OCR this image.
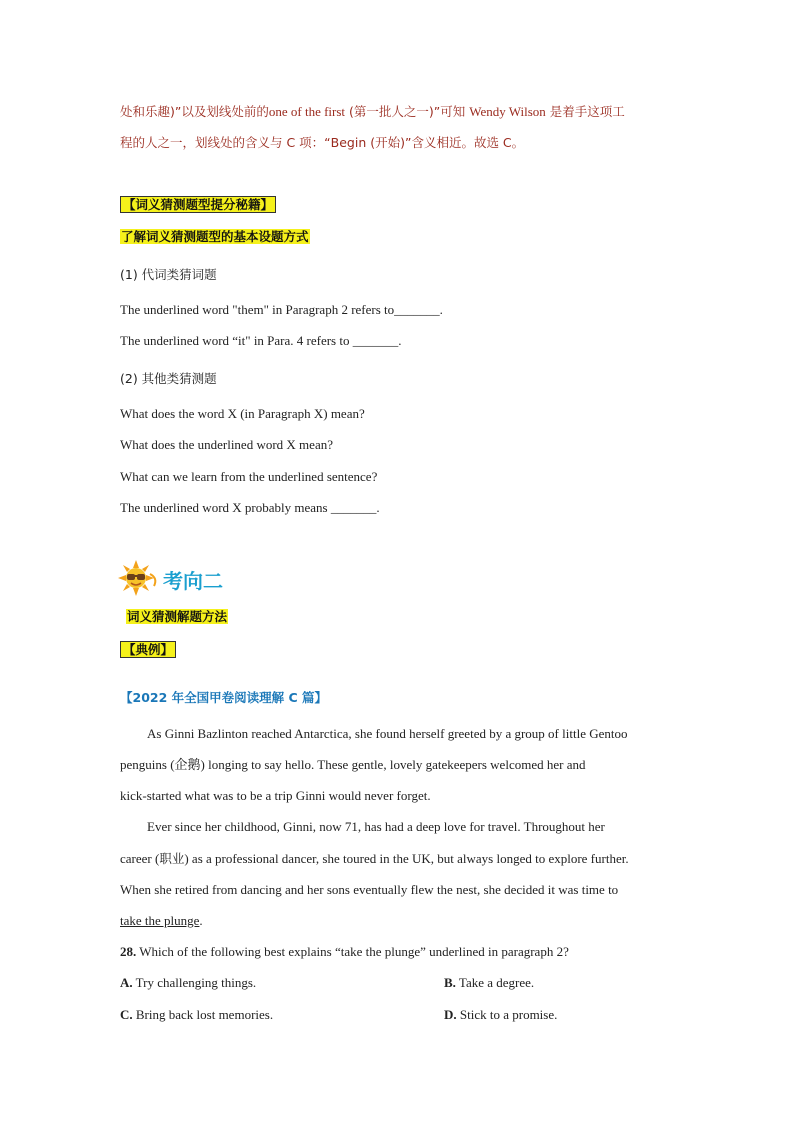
处和乐趣)”以及划线处前的one of the first (第一批人之一)”可知 Wendy Wilson 是着手这项工
程的人之一，划线处的含义与 C 项：“Begin (开始)”含义相近。故选 C。
【词义猜测题型提分秘籍】
了解词义猜测题型的基本设题方式
(1) 代词类猜词题
The underlined word "them" in Paragraph 2 refers to_______.
The underlined word “it" in Para. 4 refers to _______.
(2) 其他类猜测题
What does the word X (in Paragraph X) mean?
What does the underlined word X mean?
What can we learn from the underlined sentence?
The underlined word X probably means _______.
考向二
词义猜测解题方法
【典例】
【2022 年全国甲卷阅读理解 C 篇】
As Ginni Bazlinton reached Antarctica, she found herself greeted by a group of little Gentoo
penguins (企鹅) longing to say hello. These gentle, lovely gatekeepers welcomed her and
kick-started what was to be a trip Ginni would never forget.
Ever since her childhood, Ginni, now 71, has had a deep love for travel. Throughout her
career (职业) as a professional dancer, she toured in the UK, but always longed to explore further.
When she retired from dancing and her sons eventually flew the nest, she decided it was time to
take the plunge.
28. Which of the following best explains “take the plunge” underlined in paragraph 2?
A. Try challenging things.	B. Take a degree.
C. Bring back lost memories.	D. Stick to a promise.
